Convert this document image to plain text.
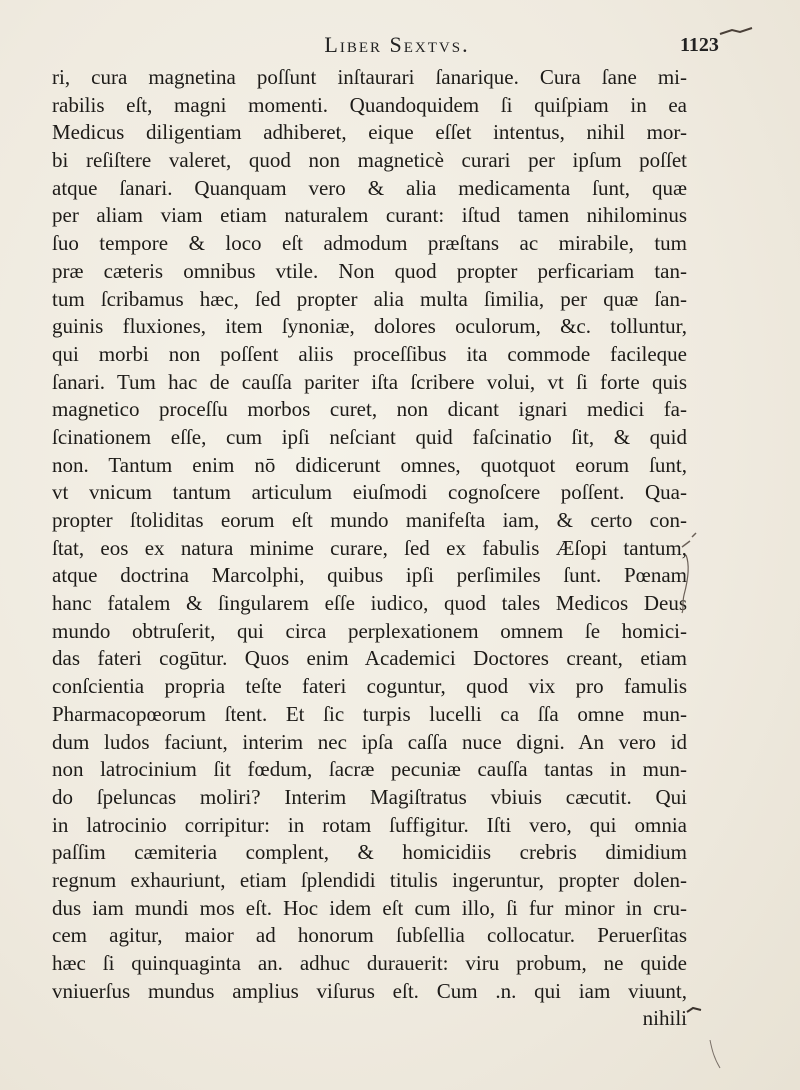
Liber Sextvs.	1123
ri, cura magnetina poſſunt inſtaurari ſanarique. Cura ſane mi-
rabilis eſt, magni momenti. Quandoquidem ſi quiſpiam in ea
Medicus diligentiam adhiberet, eique eſſet intentus, nihil mor-
bi reſiſtere valeret, quod non magneticè curari per ipſum poſſet
atque ſanari. Quanquam vero & alia medicamenta ſunt, quæ
per aliam viam etiam naturalem curant: iſtud tamen nihilominus
ſuo tempore & loco eſt admodum præſtans ac mirabile, tum
præ cæteris omnibus vtile. Non quod propter perficariam tan-
tum ſcribamus hæc, ſed propter alia multa ſimilia, per quæ ſan-
guinis fluxiones, item ſynoniæ, dolores oculorum, &c. tolluntur,
qui morbi non poſſent aliis proceſſibus ita commode facileque
ſanari. Tum hac de cauſſa pariter iſta ſcribere volui, vt ſi forte quis
magnetico proceſſu morbos curet, non dicant ignari medici fa-
ſcinationem eſſe, cum ipſi neſciant quid faſcinatio ſit, & quid
non. Tantum enim nō didicerunt omnes, quotquot eorum ſunt,
vt vnicum tantum articulum eiuſmodi cognoſcere poſſent. Qua-
propter ſtoliditas eorum eſt mundo manifeſta iam, & certo con-
ſtat, eos ex natura minime curare, ſed ex fabulis Æſopi tantum,
atque doctrina Marcolphi, quibus ipſi perſimiles ſunt. Pœnam
hanc fatalem & ſingularem eſſe iudico, quod tales Medicos Deus
mundo obtruſerit, qui circa perplexationem omnem ſe homici-
das fateri cogūtur. Quos enim Academici Doctores creant, etiam
conſcientia propria teſte fateri coguntur, quod vix pro famulis
Pharmacopœorum ſtent. Et ſic turpis lucelli ca ſſa omne mun-
dum ludos faciunt, interim nec ipſa caſſa nuce digni. An vero id
non latrocinium ſit fœdum, ſacræ pecuniæ cauſſa tantas in mun-
do ſpeluncas moliri? Interim Magiſtratus vbiuis cæcutit. Qui
in latrocinio corripitur: in rotam ſuffigitur. Iſti vero, qui omnia
paſſim cæmiteria complent, & homicidiis crebris dimidium
regnum exhauriunt, etiam ſplendidi titulis ingeruntur, propter dolen-
dus iam mundi mos eſt. Hoc idem eſt cum illo, ſi fur minor in cru-
cem agitur, maior ad honorum ſubſellia collocatur. Peruerſitas
hæc ſi quinquaginta an. adhuc durauerit: viru probum, ne quide
vniuerſus mundus amplius viſurus eſt. Cum .n. qui iam viuunt,
nihili
